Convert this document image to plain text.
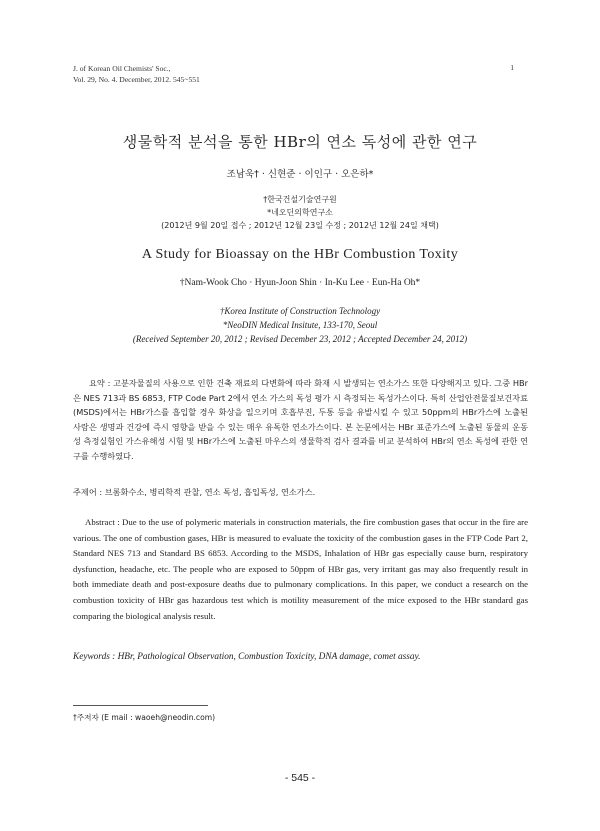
J. of Korean Oil Chemists' Soc.,
Vol. 29, No. 4. December, 2012. 545~551
1
생물학적 분석을 통한 HBr의 연소 독성에 관한 연구
조남욱† · 신현준 · 이인구 · 오은하*
†한국건설기술연구원
*네오딘의학연구소
(2012년 9월 20일 접수 ; 2012년 12월 23일 수정 ; 2012년 12월 24일 채택)
A Study for Bioassay on the HBr Combustion Toxity
†Nam-Wook Cho · Hyun-Joon Shin · In-Ku Lee · Eun-Ha Oh*
†Korea Institute of Construction Technology
*NeoDIN Medical Insitute, 133-170, Seoul
(Received September 20, 2012 ; Revised December 23, 2012 ; Accepted December 24, 2012)
요약 : 고분자물질의 사용으로 인한 건축 재료의 다변화에 따라 화재 시 발생되는 연소가스 또한 다양해지고 있다. 그중 HBr은 NES 713과 BS 6853, FTP Code Part 2에서 연소 가스의 독성 평가 시 측정되는 독성가스이다. 특히 산업안전물질보건자료(MSDS)에서는 HBr가스를 흡입할 경우 화상을 일으키며 호흡부진, 두통 등을 유발시킬 수 있고 50ppm의 HBr가스에 노출된 사람은 생명과 건강에 즉시 영향을 받을 수 있는 매우 유독한 연소가스이다. 본 논문에서는 HBr 표준가스에 노출된 동물의 운동성 측정실험인 가스유해성 시험 및 HBr가스에 노출된 마우스의 생물학적 검사 결과를 비교 분석하여 HBr의 연소 독성에 관한 연구를 수행하였다.
주제어 : 브롬화수소, 병리학적 관찰, 연소 독성, 흡입독성, 연소가스.
Abstract : Due to the use of polymeric materials in construction materials, the fire combustion gases that occur in the fire are various. The one of combustion gases, HBr is measured to evaluate the toxicity of the combustion gases in the FTP Code Part 2, Standard NES 713 and Standard BS 6853. According to the MSDS, Inhalation of HBr gas especially cause burn, respiratory dysfunction, headache, etc. The people who are exposed to 50ppm of HBr gas, very irritant gas may also frequently result in both immediate death and post-exposure deaths due to pulmonary complications. In this paper, we conduct a research on the combustion toxicity of HBr gas hazardous test which is motility measurement of the mice exposed to the HBr standard gas comparing the biological analysis result.
Keywords : HBr, Pathological Observation, Combustion Toxicity, DNA damage, comet assay.
†주저자 (E mail : waoeh@neodin.com)
- 545 -
